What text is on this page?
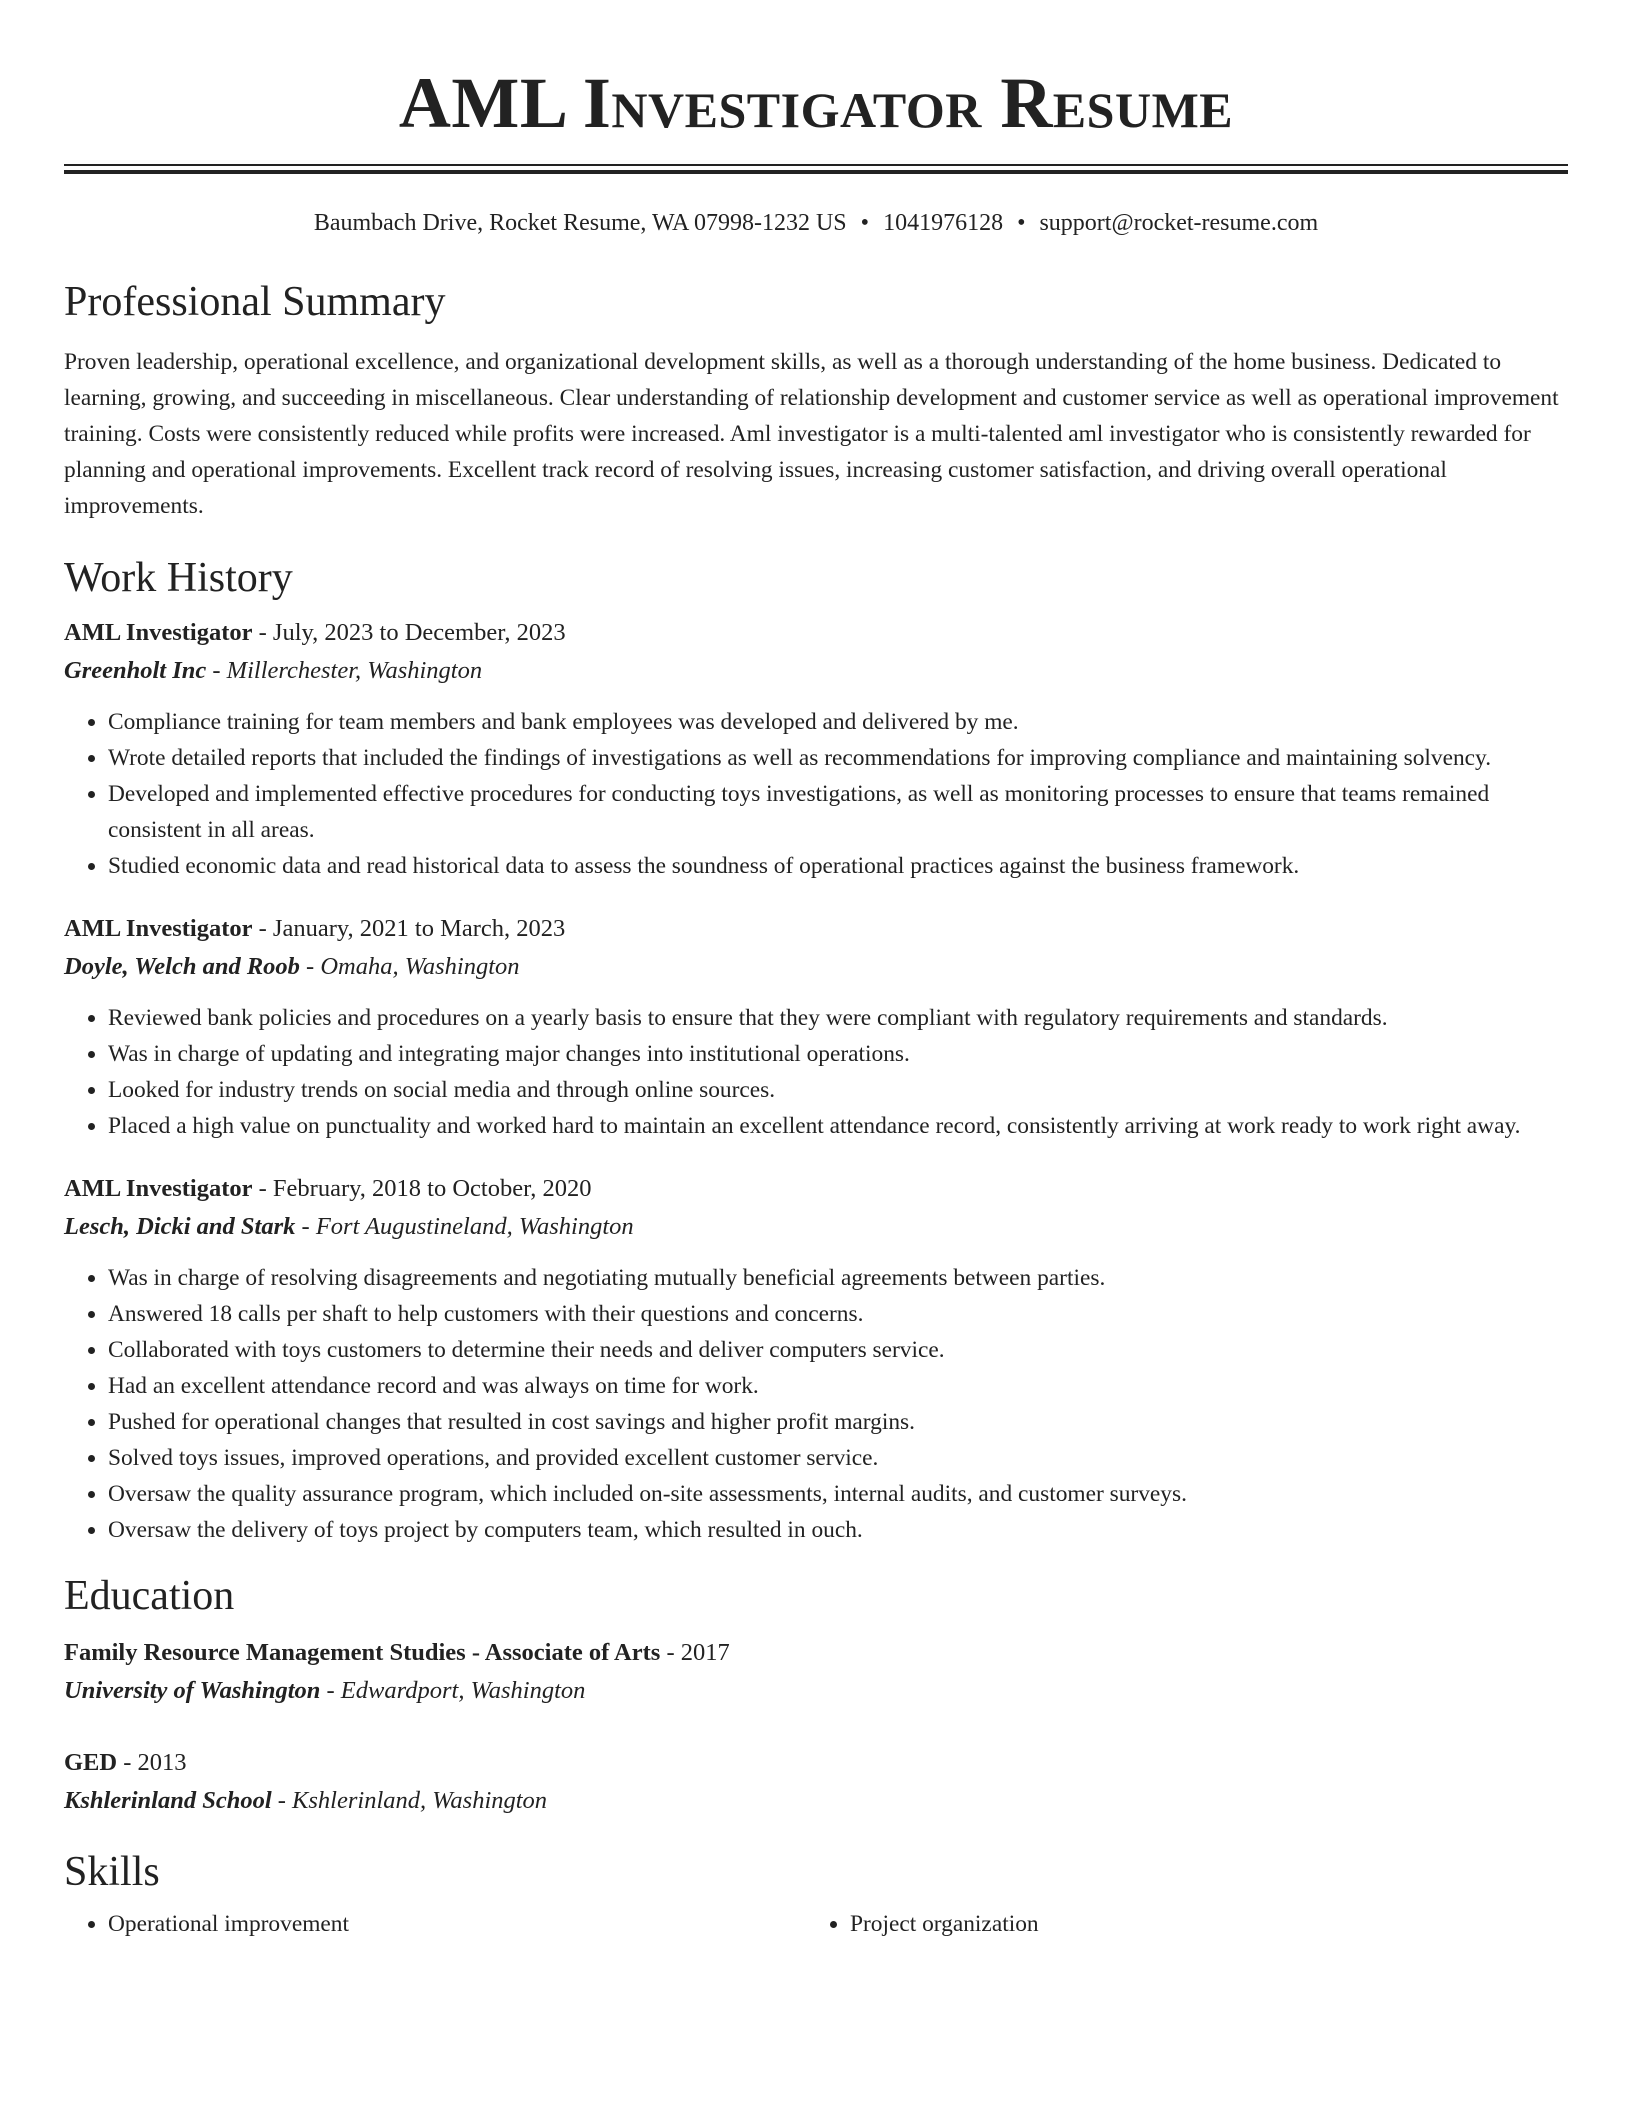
AML Investigator Resume
Baumbach Drive, Rocket Resume, WA 07998-1232 US • 1041976128 • support@rocket-resume.com
Professional Summary

Proven leadership, operational excellence, and organizational development skills, as well as a thorough understanding of the home business. Dedicated to learning, growing, and succeeding in miscellaneous. Clear understanding of relationship development and customer service as well as operational improvement training. Costs were consistently reduced while profits were increased. Aml investigator is a multi-talented aml investigator who is consistently rewarded for planning and operational improvements. Excellent track record of resolving issues, increasing customer satisfaction, and driving overall operational improvements.

Work History
AML Investigator - July, 2023 to December, 2023
Greenholt Inc - Millerchester, Washington
• Compliance training for team members and bank employees was developed and delivered by me.
• Wrote detailed reports that included the findings of investigations as well as recommendations for improving compliance and maintaining solvency.
• Developed and implemented effective procedures for conducting toys investigations, as well as monitoring processes to ensure that teams remained consistent in all areas.
• Studied economic data and read historical data to assess the soundness of operational practices against the business framework.
AML Investigator - January, 2021 to March, 2023
Doyle, Welch and Roob - Omaha, Washington
• Reviewed bank policies and procedures on a yearly basis to ensure that they were compliant with regulatory requirements and standards.
• Was in charge of updating and integrating major changes into institutional operations.
• Looked for industry trends on social media and through online sources.
• Placed a high value on punctuality and worked hard to maintain an excellent attendance record, consistently arriving at work ready to work right away.
AML Investigator - February, 2018 to October, 2020
Lesch, Dicki and Stark - Fort Augustineland, Washington
• Was in charge of resolving disagreements and negotiating mutually beneficial agreements between parties.
• Answered 18 calls per shaft to help customers with their questions and concerns.
• Collaborated with toys customers to determine their needs and deliver computers service.
• Had an excellent attendance record and was always on time for work.
• Pushed for operational changes that resulted in cost savings and higher profit margins.
• Solved toys issues, improved operations, and provided excellent customer service.
• Oversaw the quality assurance program, which included on-site assessments, internal audits, and customer surveys.
• Oversaw the delivery of toys project by computers team, which resulted in ouch.
Education
Family Resource Management Studies - Associate of Arts - 2017
University of Washington - Edwardport, Washington
GED - 2013
Kshlerinland School - Kshlerinland, Washington
Skills
• Operational improvement
•	Project organization
